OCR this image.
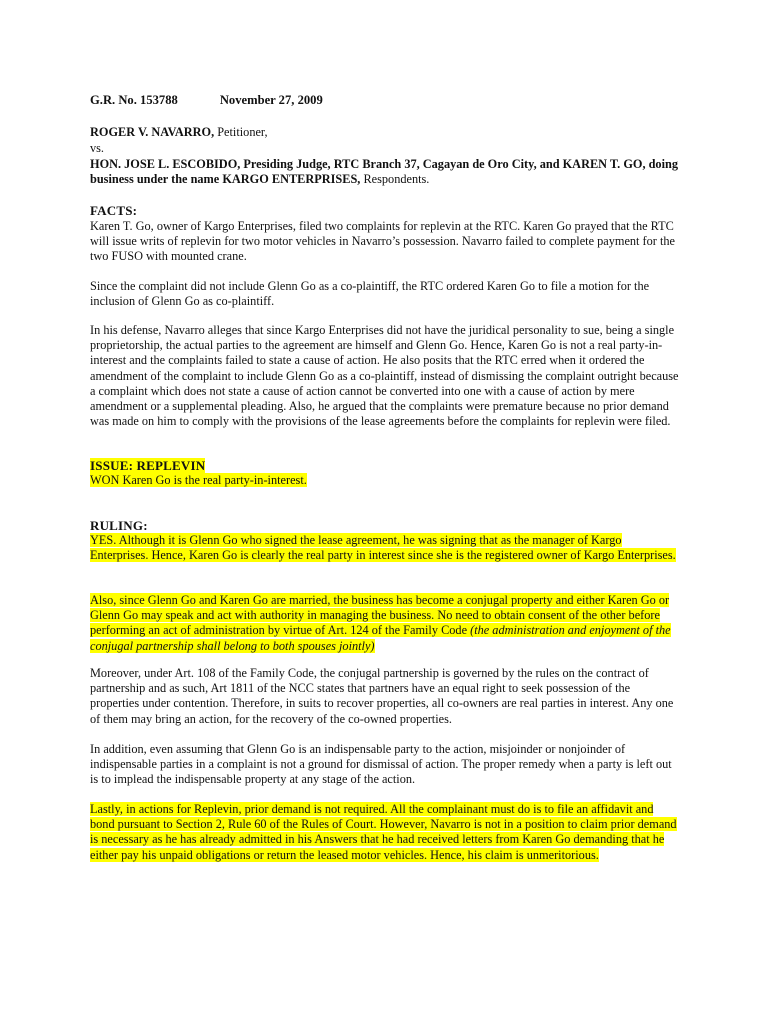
G.R. No. 153788	November 27, 2009
ROGER V. NAVARRO, Petitioner,
vs.
HON. JOSE L. ESCOBIDO, Presiding Judge, RTC Branch 37, Cagayan de Oro City, and KAREN T. GO, doing business under the name KARGO ENTERPRISES, Respondents.
FACTS:

Karen T. Go, owner of Kargo Enterprises, filed two complaints for replevin at the RTC. Karen Go prayed that the RTC will issue writs of replevin for two motor vehicles in Navarro’s possession. Navarro failed to complete payment for the two FUSO with mounted crane.

Since the complaint did not include Glenn Go as a co-plaintiff, the RTC ordered Karen Go to file a motion for the inclusion of Glenn Go as co-plaintiff.

In his defense, Navarro alleges that since Kargo Enterprises did not have the juridical personality to sue, being a single proprietorship, the actual parties to the agreement are himself and Glenn Go. Hence, Karen Go is not a real party-in-interest and the complaints failed to state a cause of action. He also posits that the RTC erred when it ordered the amendment of the complaint to include Glenn Go as a co-plaintiff, instead of dismissing the complaint outright because a complaint which does not state a cause of action cannot be converted into one with a cause of action by mere amendment or a supplemental pleading. Also, he argued that the complaints were premature because no prior demand was made on him to comply with the provisions of the lease agreements before the complaints for replevin were filed.

ISSUE: REPLEVIN
WON Karen Go is the real party-in-interest.
RULING:
YES. Although it is Glenn Go who signed the lease agreement, he was signing that as the manager of Kargo Enterprises. Hence, Karen Go is clearly the real party in interest since she is the registered owner of Kargo Enterprises.
Also, since Glenn Go and Karen Go are married, the business has become a conjugal property and either Karen Go or Glenn Go may speak and act with authority in managing the business. No need to obtain consent of the other before performing an act of administration by virtue of Art. 124 of the Family Code (the administration and enjoyment of the conjugal partnership shall belong to both spouses jointly)

Moreover, under Art. 108 of the Family Code, the conjugal partnership is governed by the rules on the contract of partnership and as such, Art 1811 of the NCC states that partners have an equal right to seek possession of the properties under contention. Therefore, in suits to recover properties, all co-owners are real parties in interest. Any one of them may bring an action, for the recovery of the co-owned properties.

In addition, even assuming that Glenn Go is an indispensable party to the action, misjoinder or nonjoinder of indispensable parties in a complaint is not a ground for dismissal of action. The proper remedy when a party is left out is to implead the indispensable property at any stage of the action.

Lastly, in actions for Replevin, prior demand is not required. All the complainant must do is to file an affidavit and bond pursuant to Section 2, Rule 60 of the Rules of Court. However, Navarro is not in a position to claim prior demand is necessary as he has already admitted in his Answers that he had received letters from Karen Go demanding that he either pay his unpaid obligations or return the leased motor vehicles. Hence, his claim is unmeritorious.
